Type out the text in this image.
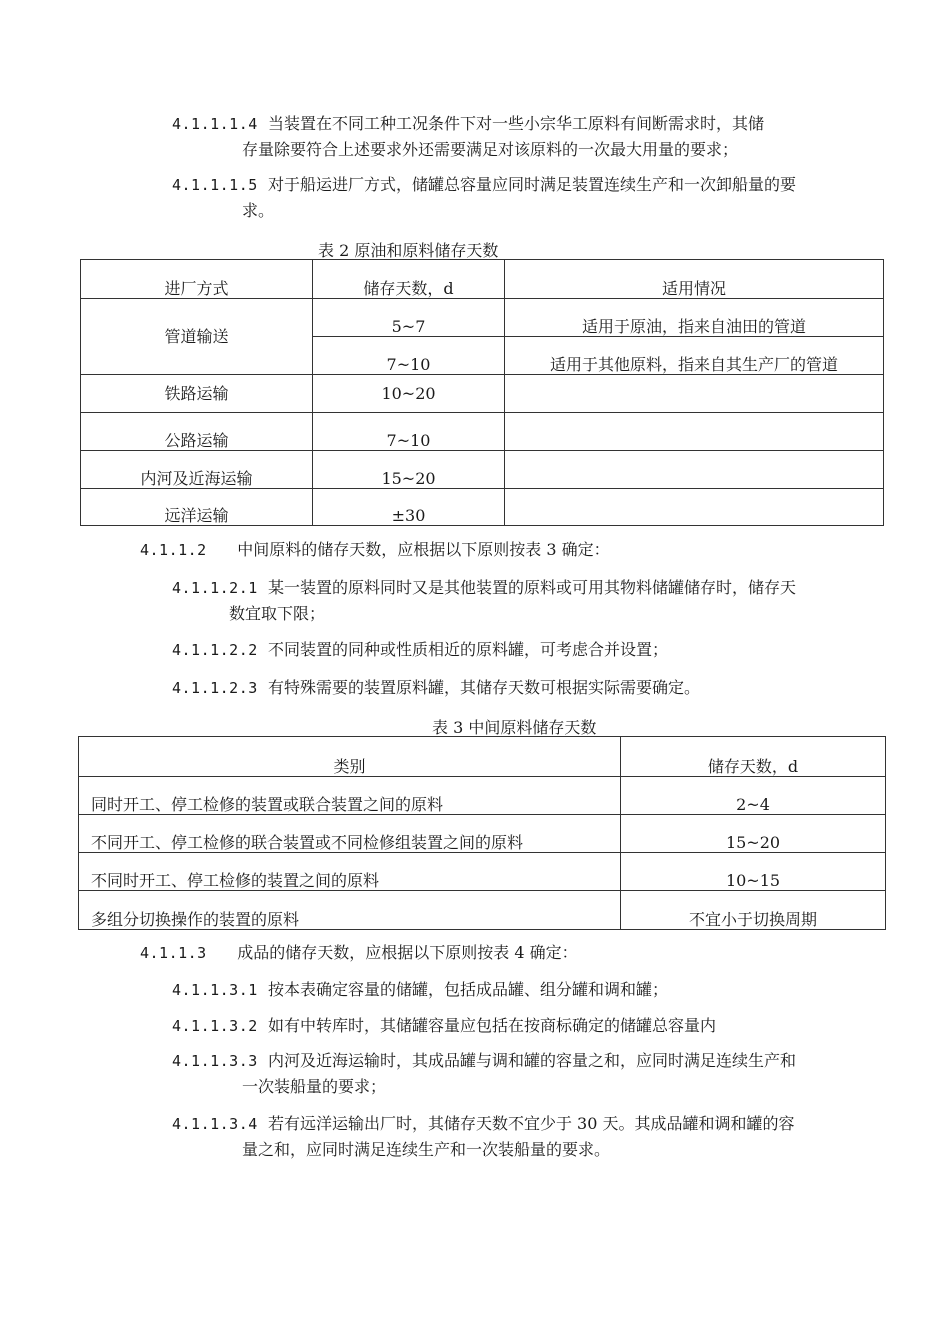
4.1.1.1.4 当装置在不同工种工况条件下对一些小宗华工原料有间断需求时，其储
存量除要符合上述要求外还需要满足对该原料的一次最大用量的要求；
4.1.1.1.5 对于船运进厂方式，储罐总容量应同时满足装置连续生产和一次卸船量的要
求。
表 2 原油和原料储存天数
进厂方式	储存天数，d	适用情况
管道输送	5~7	适用于原油，指来自油田的管道
	7~10	适用于其他原料，指来自其生产厂的管道
铁路运输	10~20	
公路运输	7~10	
内河及近海运输	15~20	
远洋运输	±30	
4.1.1.2 中间原料的储存天数，应根据以下原则按表 3 确定：
4.1.1.2.1 某一装置的原料同时又是其他装置的原料或可用其物料储罐储存时，储存天
数宜取下限；
4.1.1.2.2 不同装置的同种或性质相近的原料罐，可考虑合并设置；
4.1.1.2.3 有特殊需要的装置原料罐，其储存天数可根据实际需要确定。
表 3 中间原料储存天数
类别	储存天数，d
同时开工、停工检修的装置或联合装置之间的原料	2~4
不同开工、停工检修的联合装置或不同检修组装置之间的原料	15~20
不同时开工、停工检修的装置之间的原料	10~15
多组分切换操作的装置的原料	不宜小于切换周期
4.1.1.3 成品的储存天数，应根据以下原则按表 4 确定：
4.1.1.3.1 按本表确定容量的储罐，包括成品罐、组分罐和调和罐；
4.1.1.3.2 如有中转库时，其储罐容量应包括在按商标确定的储罐总容量内
4.1.1.3.3 内河及近海运输时，其成品罐与调和罐的容量之和，应同时满足连续生产和
一次装船量的要求；
4.1.1.3.4 若有远洋运输出厂时，其储存天数不宜少于 30 天。其成品罐和调和罐的容
量之和，应同时满足连续生产和一次装船量的要求。
